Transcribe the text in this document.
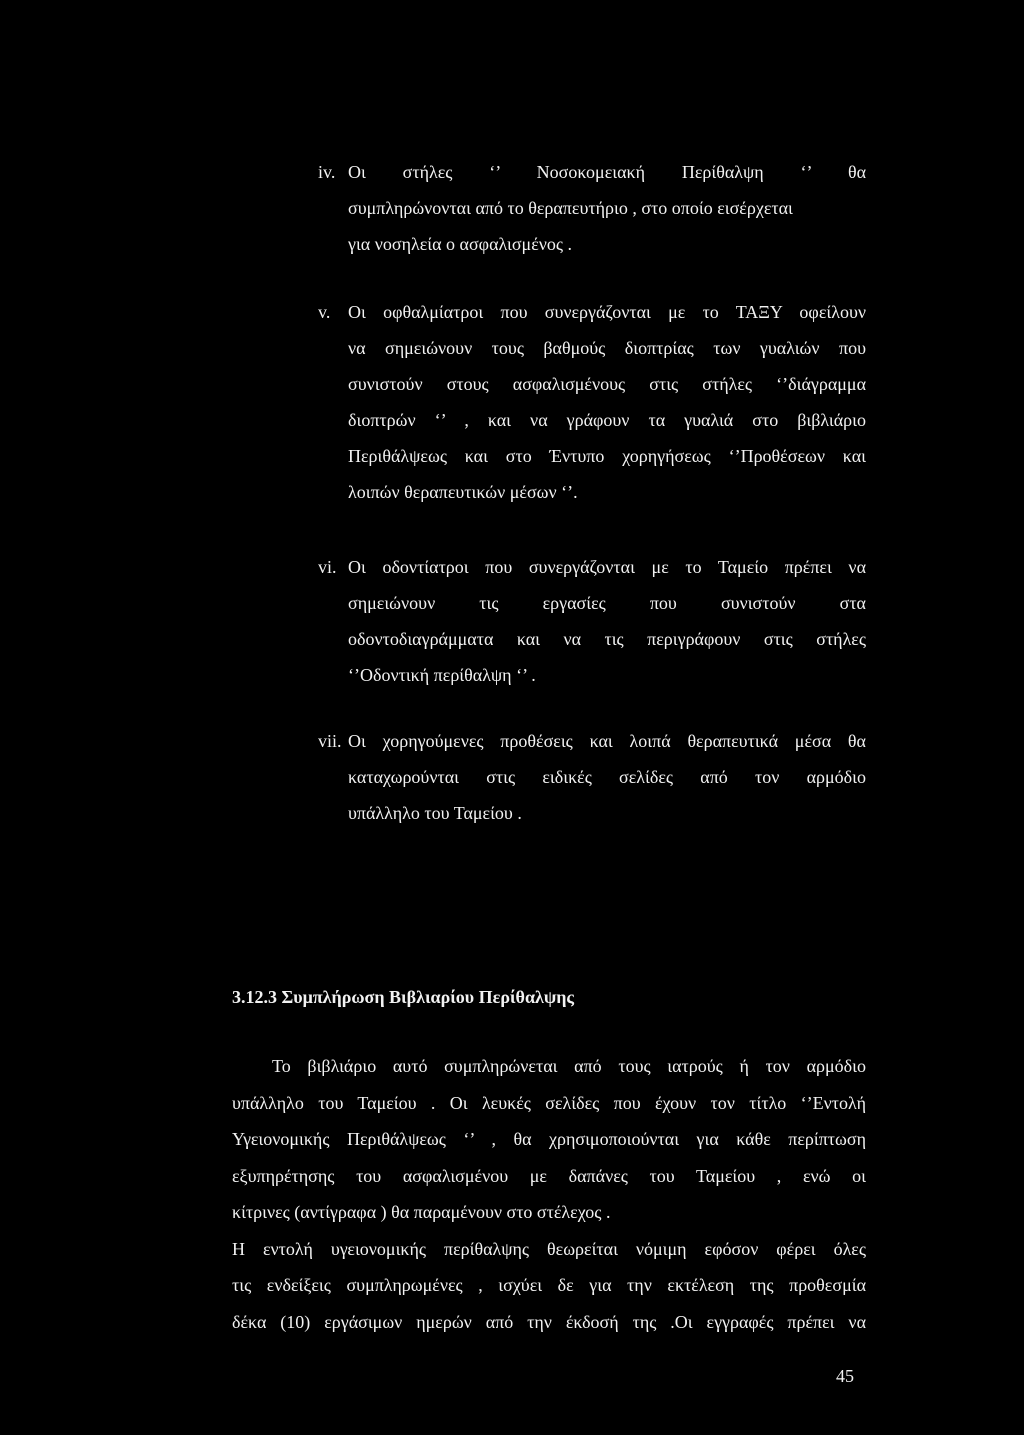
iv. Οι στήλες ‘’ Νοσοκομειακή Περίθαλψη ‘’ θα
συμπληρώνονται από το θεραπευτήριο , στο οποίο εισέρχεται
για νοσηλεία ο ασφαλισμένος .
v. Οι οφθαλμίατροι που συνεργάζονται με το ΤΑΞΥ οφείλουν
να σημειώνουν τους βαθμούς διοπτρίας των γυαλιών που
συνιστούν στους ασφαλισμένους στις στήλες ‘’διάγραμμα
διοπτρών ‘’ , και να γράφουν τα γυαλιά στο βιβλιάριο
Περιθάλψεως και στο Έντυπο χορηγήσεως ‘’Προθέσεων και
λοιπών θεραπευτικών μέσων ‘’.
vi. Οι οδοντίατροι που συνεργάζονται με το Ταμείο πρέπει να
σημειώνουν τις εργασίες που συνιστούν στα
οδοντοδιαγράμματα και να τις περιγράφουν στις στήλες
‘’Οδοντική περίθαλψη ‘’ .
vii. Οι χορηγούμενες προθέσεις και λοιπά θεραπευτικά μέσα θα
καταχωρούνται στις ειδικές σελίδες από τον αρμόδιο
υπάλληλο του Ταμείου .
3.12.3 Συμπλήρωση Βιβλιαρίου Περίθαλψης
Το βιβλιάριο αυτό συμπληρώνεται από τους ιατρούς ή τον αρμόδιο
υπάλληλο του Ταμείου . Οι λευκές σελίδες που έχουν τον τίτλο ‘’Εντολή
Υγειονομικής Περιθάλψεως ‘’ , θα χρησιμοποιούνται για κάθε περίπτωση
εξυπηρέτησης του ασφαλισμένου με δαπάνες του Ταμείου , ενώ οι
κίτρινες (αντίγραφα ) θα παραμένουν στο στέλεχος .
Η εντολή υγειονομικής περίθαλψης θεωρείται νόμιμη εφόσον φέρει όλες
τις ενδείξεις συμπληρωμένες , ισχύει δε για την εκτέλεση της προθεσμία
δέκα (10) εργάσιμων ημερών από την έκδοσή της .Οι εγγραφές πρέπει να
45
